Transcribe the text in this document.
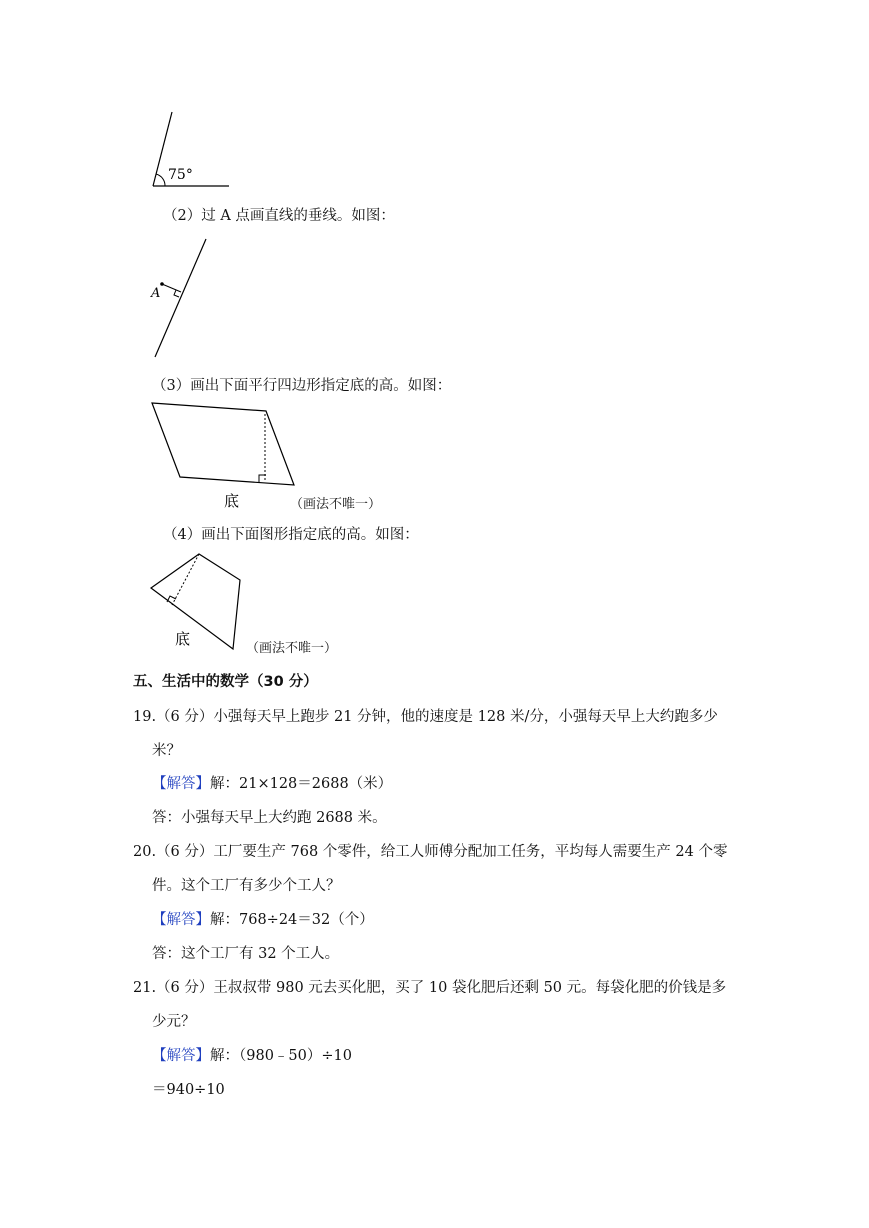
75°
（2）过 A 点画直线的垂线。如图：
A
（3）画出下面平行四边形指定底的高。如图：
底	（画法不唯一）
（4）画出下面图形指定底的高。如图：
底
（画法不唯一）
五、生活中的数学（30 分）
19.（6 分）小强每天早上跑步 21 分钟，他的速度是 128 米/分，小强每天早上大约跑多少
米？
【解答】解：21×128＝2688（米）
答：小强每天早上大约跑 2688 米。
20.（6 分）工厂要生产 768 个零件，给工人师傅分配加工任务，平均每人需要生产 24 个零
件。这个工厂有多少个工人？
【解答】解：768÷24＝32（个）
答：这个工厂有 32 个工人。
21.（6 分）王叔叔带 980 元去买化肥，买了 10 袋化肥后还剩 50 元。每袋化肥的价钱是多
少元？
【解答】解：（980﹣50）÷10
＝940÷10
